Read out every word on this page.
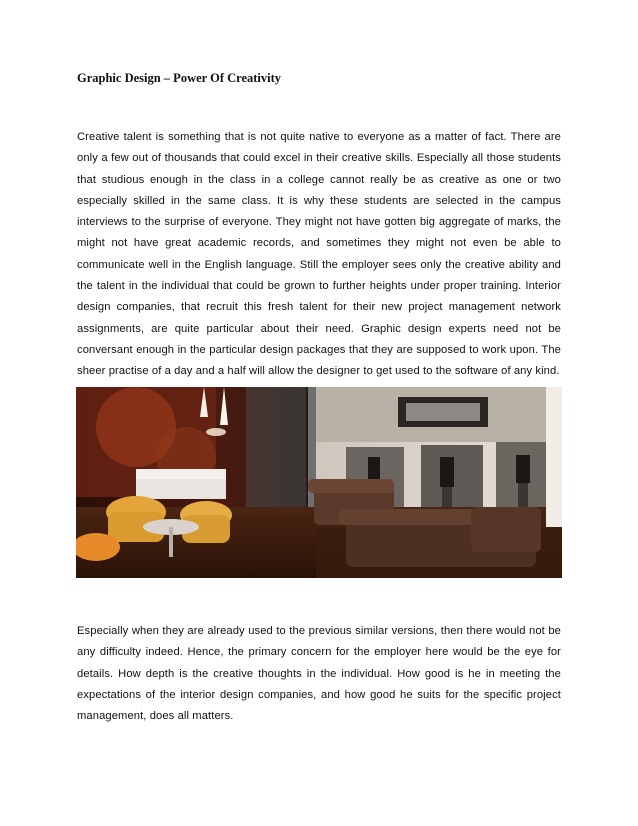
Graphic Design – Power Of Creativity

Creative talent is something that is not quite native to everyone as a matter of fact. There are only a few out of thousands that could excel in their creative skills. Especially all those students that studious enough in the class in a college cannot really be as creative as one or two especially skilled in the same class. It is why these students are selected in the campus interviews to the surprise of everyone. They might not have gotten big aggregate of marks, the might not have great academic records, and sometimes they might not even be able to communicate well in the English language. Still the employer sees only the creative ability and the talent in the individual that could be grown to further heights under proper training. Interior design companies, that recruit this fresh talent for their new project management network assignments, are quite particular about their need. Graphic design experts need not be conversant enough in the particular design packages that they are supposed to work upon. The sheer practise of a day and a half will allow the designer to get used to the software of any kind.

Especially when they are already used to the previous similar versions, then there would not be any difficulty indeed. Hence, the primary concern for the employer here would be the eye for details. How depth is the creative thoughts in the individual. How good is he in meeting the expectations of the interior design companies, and how good he suits for the specific project management, does all matters.
